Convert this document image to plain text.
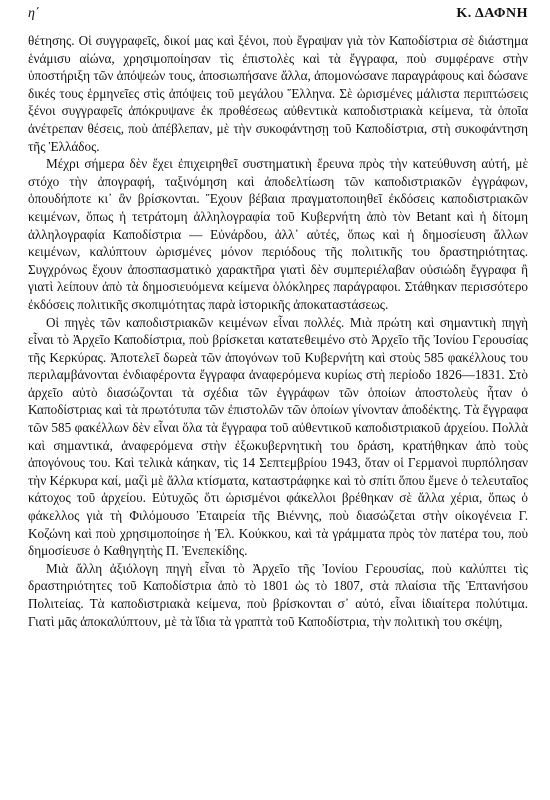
η΄	Κ. ΔΑΦΝΗ

θέτησης. Οἱ συγγραφεῖς, δικοί μας καὶ ξένοι, ποὺ ἔγραψαν γιὰ τὸν Καποδίστρια σὲ διάστημα ἑνάμισυ αἰώνα, χρησιμοποίησαν τὶς ἐπιστολὲς καὶ τὰ ἔγγραφα, ποὺ συμφέρανε στὴν ὑποστήριξη τῶν ἀπόψεών τους, ἀποσιωπήσανε ἄλλα, ἀπομονώσανε παραγράφους καὶ δώσανε δικές τους ἑρμηνεῖες στὶς ἀπόψεις τοῦ μεγάλου Ἕλληνα. Σὲ ὡρισμένες μάλιστα περιπτώσεις ξένοι συγγραφεῖς ἀπόκρυψανε ἐκ προθέσεως αὐθεντικὰ καποδιστριακὰ κείμενα, τὰ ὁποῖα ἀνέτρεπαν θέσεις, ποὺ ἀπέβλεπαν, μὲ τὴν συκοφάντησῃ τοῦ Καποδίστρια, στὴ συκοφάντηση τῆς Ἑλλάδος.

Μέχρι σήμερα δὲν ἔχει ἐπιχειρηθεῖ συστηματικὴ ἔρευνα πρὸς τὴν κατεύθυνση αὐτή, μὲ στόχο τὴν ἀπογραφή, ταξινόμηση καὶ ἀποδελτίωση τῶν καποδιστριακῶν ἐγγράφων, ὁπουδήποτε κι᾽ ἂν βρίσκονται. Ἔχουν βέβαια πραγματοποιηθεῖ ἐκδόσεις καποδιστριακῶν κειμένων, ὅπως ἡ τετράτομη ἀλληλογραφία τοῦ Κυβερνήτη ἀπὸ τὸν Betant καὶ ἡ δίτομη ἀλληλογραφία Καποδίστρια — Εὐνάρδου, ἀλλ᾽ αὐτές, ὅπως καὶ ἡ δημοσίευση ἄλλων κειμένων, καλύπτουν ὡρισμένες μόνον περιόδους τῆς πολιτικῆς του δραστηριότητας. Συγχρόνως ἔχουν ἀποσπασματικὸ χαρακτῆρα γιατὶ δὲν συμπεριέλαβαν οὐσιώδη ἔγγραφα ἢ γιατὶ λείπουν ἀπὸ τὰ δημοσιευόμενα κείμενα ὁλόκληρες παράγραφοι. Στάθηκαν περισσότερο ἐκδόσεις πολιτικῆς σκοπιμότητας παρὰ ἱστορικῆς ἀποκαταστάσεως.

Οἱ πηγὲς τῶν καποδιστριακῶν κειμένων εἶναι πολλές. Μιὰ πρώτη καὶ σημαντικὴ πηγὴ εἶναι τὸ Ἀρχεῖο Καποδίστρια, ποὺ βρίσκεται κατατεθειμένο στὸ Ἀρχεῖο τῆς Ἰονίου Γερουσίας τῆς Κερκύρας. Ἀποτελεῖ δωρεὰ τῶν ἀπογόνων τοῦ Κυβερνήτη καὶ στοὺς 585 φακέλλους του περιλαμβάνονται ἐνδιαφέροντα ἔγγραφα ἀναφερόμενα κυρίως στὴ περίοδο 1826—1831. Στὸ ἀρχεῖο αὐτὸ διασώζονται τὰ σχέδια τῶν ἐγγράφων τῶν ὁποίων ἀποστολεὺς ἦταν ὁ Καποδίστριας καὶ τὰ πρωτότυπα τῶν ἐπιστολῶν τῶν ὁποίων γίνονταν ἀποδέκτης. Τὰ ἔγγραφα τῶν 585 φακέλλων δὲν εἶναι ὅλα τὰ ἔγγραφα τοῦ αὐθεντικοῦ καποδιστριακοῦ ἀρχείου. Πολλὰ καὶ σημαντικά, ἀναφερόμενα στὴν ἐξωκυβερνητικὴ του δράση, κρατήθηκαν ἀπὸ τοὺς ἀπογόνους του. Καὶ τελικὰ κάηκαν, τὶς 14 Σεπτεμβρίου 1943, ὅταν οἱ Γερμανοὶ πυρπόλησαν τὴν Κέρκυρα καί, μαζὶ μὲ ἄλλα κτίσματα, καταστράφηκε καὶ τὸ σπίτι ὅπου ἔμενε ὁ τελευταῖος κάτοχος τοῦ ἀρχείου. Εὐτυχῶς ὅτι ὡρισμένοι φάκελλοι βρέθηκαν σὲ ἄλλα χέρια, ὅπως ὁ φάκελλος γιὰ τὴ Φιλόμουσο Ἑταιρεία τῆς Βιέννης, ποὺ διασώζεται στὴν οἰκογένεια Γ. Κοζώνη καὶ ποὺ χρησιμοποίησε ἡ Ἐλ. Κούκκου, καὶ τὰ γράμματα πρὸς τὸν πατέρα του, ποὺ δημοσίευσε ὁ Καθηγητὴς Π. Ἐνεπεκίδης.

Μιὰ ἄλλη ἀξιόλογη πηγὴ εἶναι τὸ Ἀρχεῖο τῆς Ἰονίου Γερουσίας, ποὺ καλύπτει τὶς δραστηριότητες τοῦ Καποδίστρια ἀπὸ τὸ 1801 ὡς τὸ 1807, στὰ πλαίσια τῆς Ἑπτανήσου Πολιτείας. Τὰ καποδιστριακὰ κείμενα, ποὺ βρίσκονται σ᾽ αὐτό, εἶναι ἰδιαίτερα πολύτιμα. Γιατὶ μᾶς ἀποκαλύπτουν, μὲ τὰ ἴδια τὰ γραπτὰ τοῦ Καποδίστρια, τὴν πολιτικὴ του σκέψη,
